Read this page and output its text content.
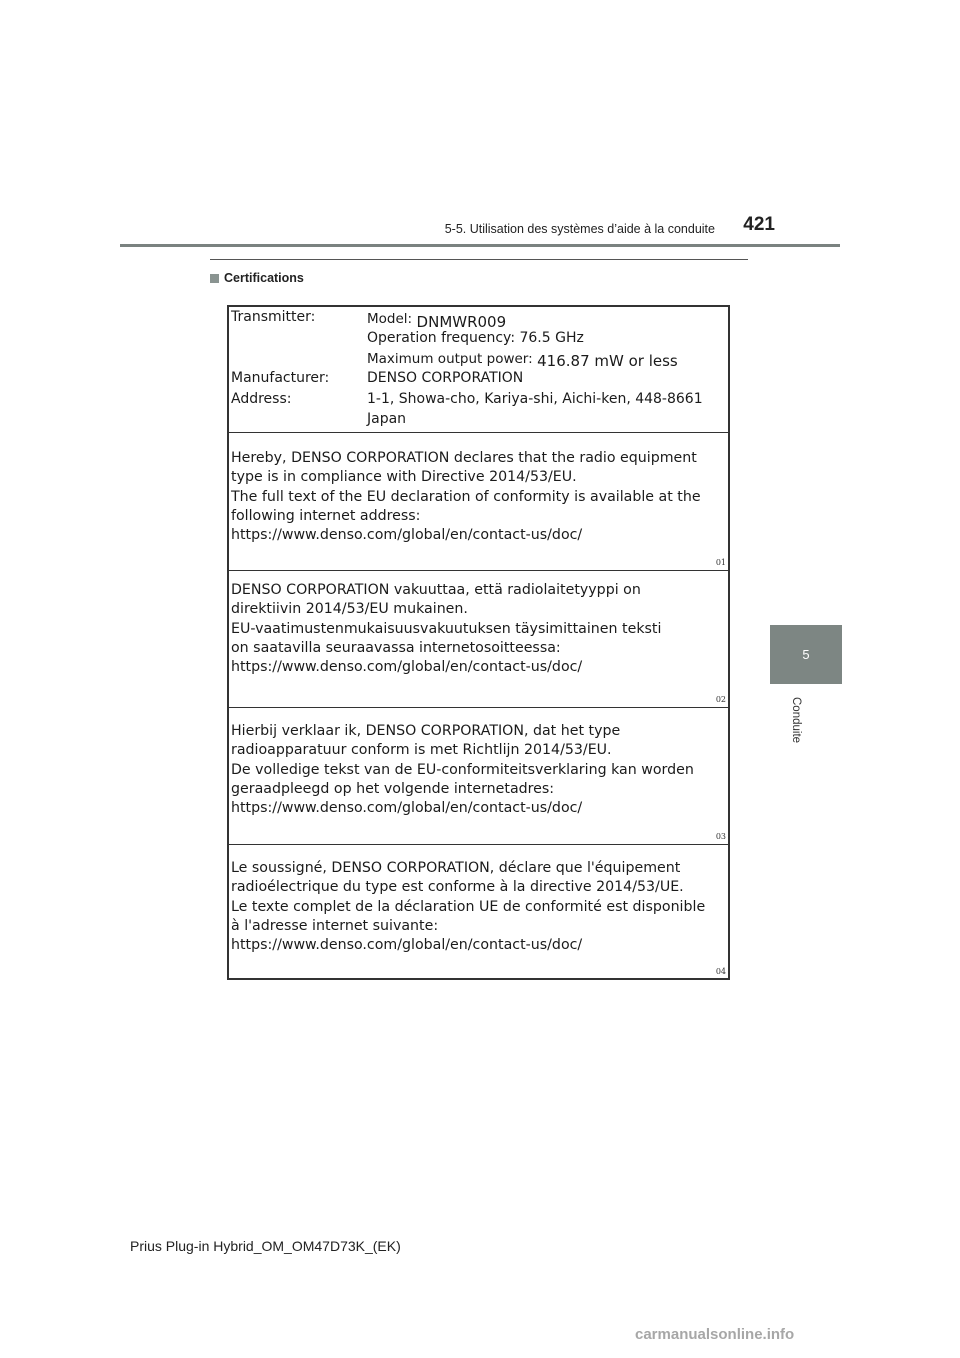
5-5. Utilisation des systèmes d’aide à la conduite	421
Certifications
5
Conduite
Transmitter:	Model: DNMWR009
Operation frequency: 76.5 GHz
Maximum output power: 416.87 mW or less
Manufacturer:	DENSO CORPORATION
Address:	1-1, Showa-cho, Kariya-shi, Aichi-ken, 448-8661
Japan
Hereby, DENSO CORPORATION declares that the radio equipment
type is in compliance with Directive 2014/53/EU.
The full text of the EU declaration of conformity is available at the
following internet address:
https://www.denso.com/global/en/contact-us/doc/
01
DENSO CORPORATION vakuuttaa, että radiolaitetyyppi on
direktiivin 2014/53/EU mukainen.
EU-vaatimustenmukaisuusvakuutuksen täysimittainen teksti
on saatavilla seuraavassa internetosoitteessa:
https://www.denso.com/global/en/contact-us/doc/
02
Hierbij verklaar ik, DENSO CORPORATION, dat het type
radioapparatuur conform is met Richtlijn 2014/53/EU.
De volledige tekst van de EU-conformiteitsverklaring kan worden
geraadpleegd op het volgende internetadres:
https://www.denso.com/global/en/contact-us/doc/
03
Le soussigné, DENSO CORPORATION, déclare que l'équipement
radioélectrique du type est conforme à la directive 2014/53/UE.
Le texte complet de la déclaration UE de conformité est disponible
à l'adresse internet suivante:
https://www.denso.com/global/en/contact-us/doc/
04
Prius Plug-in Hybrid_OM_OM47D73K_(EK)
carmanualsonline.info
